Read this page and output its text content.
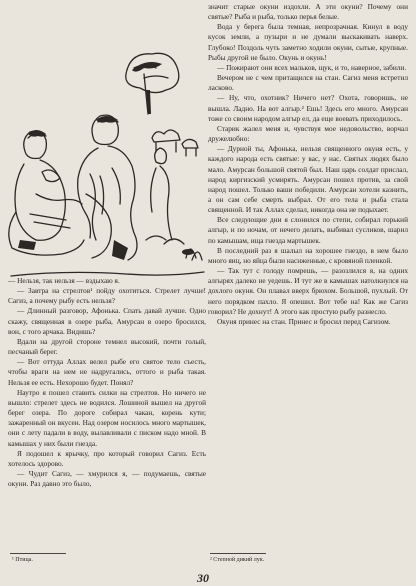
— Нельзя, так нельзя — вздыхаю я.

— Завтра на стрелтов¹ пойду охотиться. Стрелет лучше! Сагиз, а почему рыбу есть нельзя?

— Длинный разговор, Афонька. Спать давай лучше. Одно скажу, священная в озере рыба, Амурсан в озеро бросился, вон, с того арчака. Видишь?

Вдали на другой стороне темнел высокий, почти голый, песчаный берег.

— Вот оттуда Аллах велел рыбе его святое тело съесть, чтобы враги на нем не надругались, оттого и рыба такая. Нельзя ее есть. Нехорошо будет. Понял?

Наутро я пошел ставить силки на стрелтов. Но ничего не вышло: стрелет здесь не водился. Лошиной вышел на другой берег озера. По дороге собирал чакан, корень кути; зажаренный он вкусен. Над озером носилось много мартышек, они с лету падали в воду, вылавливали с писком надо мной. В камышах у них были гнезда.

Я подошел к ярычку, про который говорил Сагиз. Есть хотелось здорово.

— Чудит Сагиз, — хмурился я, — подумаешь, святые окуни. Раз давно это было,

значит старые окуни издохли. А эти окуни? Почему они святые? Рыба и рыба, только перья белые.

Вода у берега была темная, непрозрачная. Кинул в воду кусок земли, а пузыри и не думали выскакивать наверх. Глубоко! Поздоль чуть заметно ходили окуни, сытые, крупные. Рыбы другой не было. Окунь и окунь!

— Пожирают они всех мальков, щук, и то, наверное, забили.

Вечером не с чем притащился на стан. Сагиз меня встретил ласково.

— Ну, что, охотник? Ничего нет? Охота, говоришь, не вышла. Ладно. На вот алгыр.² Ешь! Здесь его много. Амурсан тоже со своим народом алгыр ел, да еще воевать приходилось.

Старик жалел меня и, чувствуя мое недовольство, ворчал дружелюбно:

— Дурной ты, Афонька, нельзя священного окуня есть, у каждого народа есть святые: у вас, у нас. Святых людях было мало. Амурсан большой святой был. Наш царь солдат прислал, народ киргизский усмирять. Амурсан пошел против, за свой народ пошел. Только ваши победили. Амурсан хотели казнить, а он сам себе смерть выбрал. От его тела и рыба стала священной. И так Аллах сделал, никогда она не подыхает.

Все следующие дни я слонился по степи, собирал горький алгыр, и по ночам, от нечего делать, выбивал сусликов, шарил по камышам, ища гнезда мартышек.

В последний раз я шалыл на хорошее гнездо, в нем было много яиц, но яйца были насиженные, с кровяной пленкой.

— Так тут с голоду помрешь, — разозлился я, на одних алгырях далеко не уедешь. И тут же в камышах натолкнулся на дохлого окуня. Он плавал вверх брюхом. Большой, пухлый. От него порядком пахло. Я опешил. Вот тебе на! Как же Сагиз говорил? Не дохнут! А этого как простую рыбу разнесло.

Окуня принес на стан. Принес и бросил перед Сагизом.

¹ Птица.	² Степной дикий лук.
30
